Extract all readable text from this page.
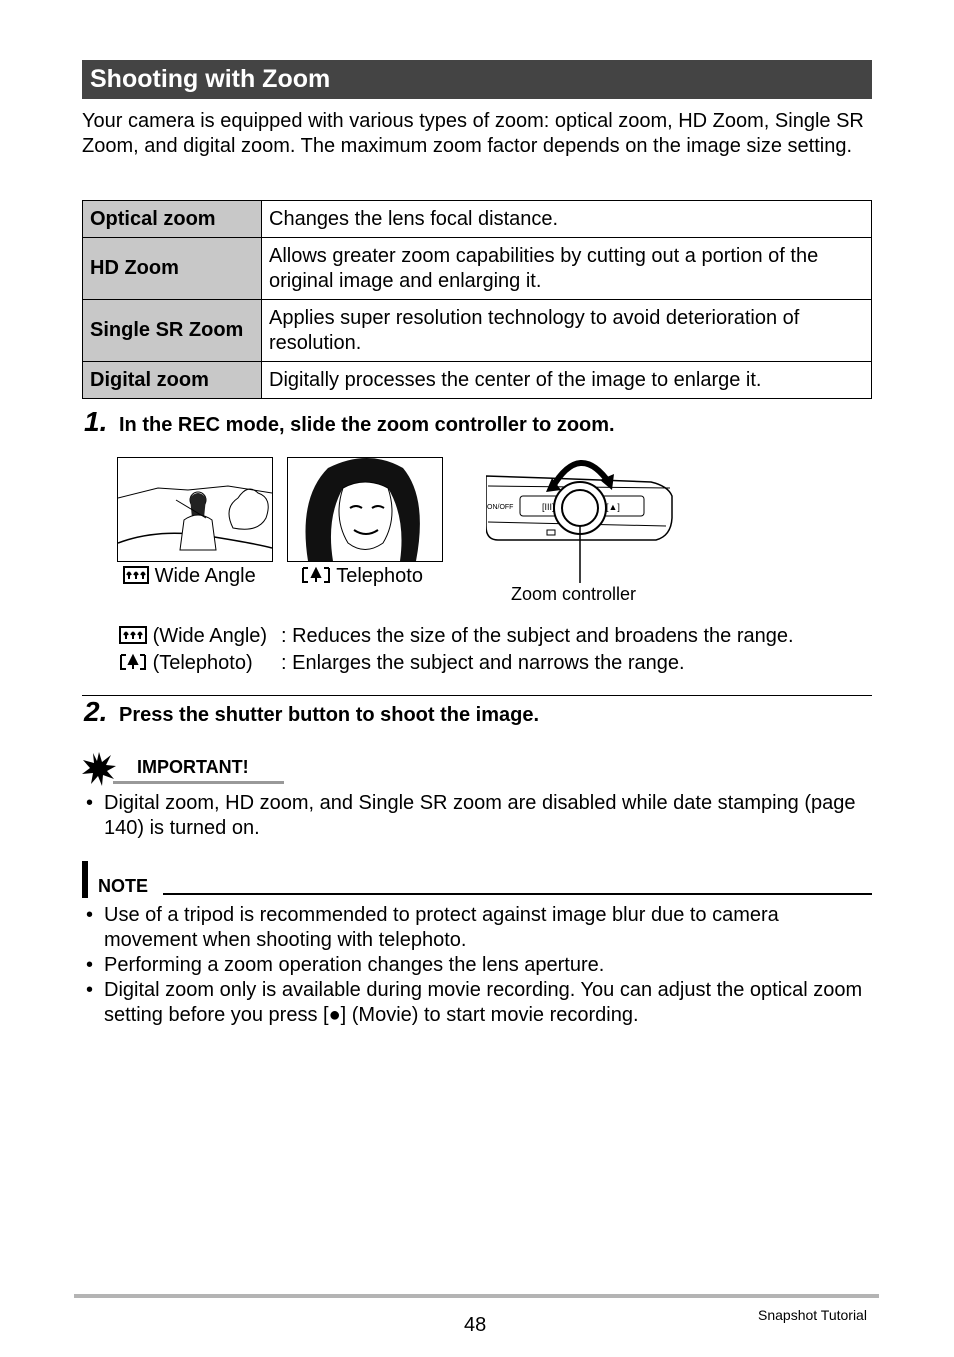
Shooting with Zoom
Your camera is equipped with various types of zoom: optical zoom, HD Zoom, Single SR Zoom, and digital zoom. The maximum zoom factor depends on the image size setting.
Optical zoom	Changes the lens focal distance.
HD Zoom	Allows greater zoom capabilities by cutting out a portion of the original image and enlarging it.
Single SR Zoom	Applies super resolution technology to avoid deterioration of resolution.
Digital zoom	Digitally processes the center of the image to enlarge it.
1. In the REC mode, slide the zoom controller to zoom.
Wide Angle	Telephoto
ON/OFF	[III]	[▲]
Zoom controller
(Wide Angle) : Reduces the size of the subject and broadens the range.
(Telephoto) : Enlarges the subject and narrows the range.
2. Press the shutter button to shoot the image.
IMPORTANT!
• Digital zoom, HD zoom, and Single SR zoom are disabled while date stamping (page 140) is turned on.
NOTE
• Use of a tripod is recommended to protect against image blur due to camera movement when shooting with telephoto.
• Performing a zoom operation changes the lens aperture.
• Digital zoom only is available during movie recording. You can adjust the optical zoom setting before you press [●] (Movie) to start movie recording.
48	Snapshot Tutorial
